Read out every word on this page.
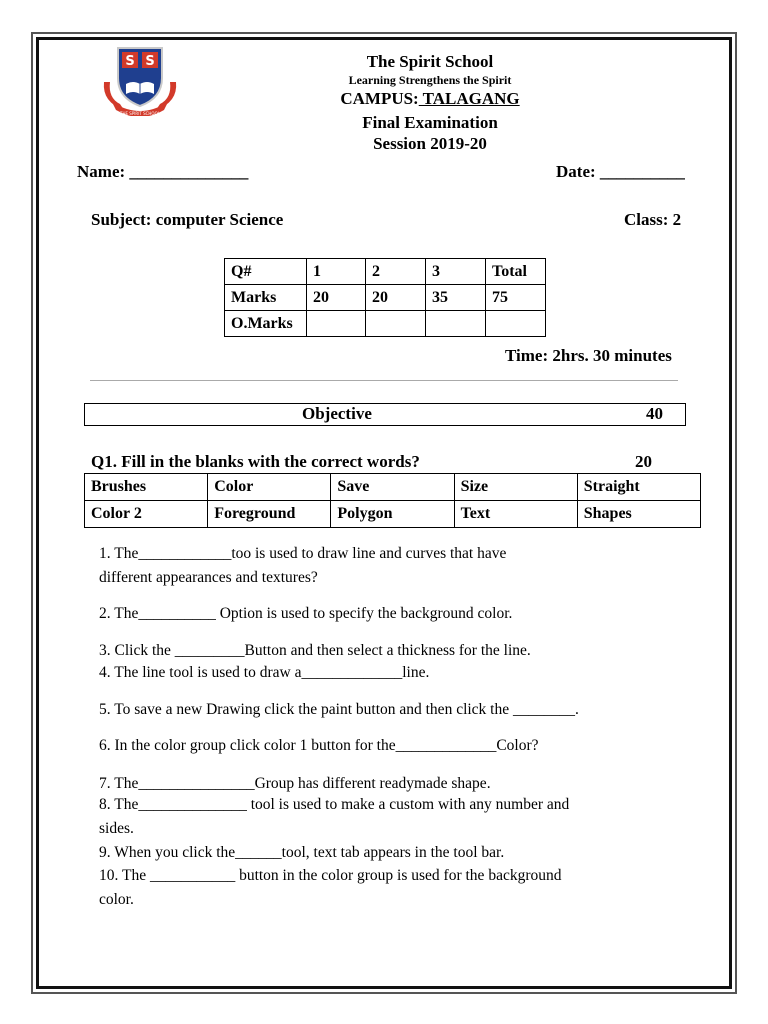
THE SPIRIT SCHOOL
S S	The Spirit School
Learning Strengthens the Spirit
CAMPUS: TALAGANG
Final Examination
Session 2019-20
Name: ______________	Date: __________
Subject: computer Science	Class: 2
Q#	1	2	3	Total
Marks	20	20	35	75
O.Marks				
Time: 2hrs. 30 minutes
Objective	40
Q1. Fill in the blanks with the correct words?	20
Brushes	Color	Save	Size	Straight
Color 2	Foreground	Polygon	Text	Shapes
1. The____________too is used to draw line and curves that have
different appearances and textures?
2. The__________ Option is used to specify the background color.
3. Click the _________Button and then select a thickness for the line.
4. The line tool is used to draw a_____________line.
5. To save a new Drawing click the paint button and then click the ________.
6. In the color group click color 1 button for the_____________Color?
7. The_______________Group has different readymade shape.
8. The______________ tool is used to make a custom with any number and
sides.
9. When you click the______tool, text tab appears in the tool bar.
10. The ___________ button in the color group is used for the background
color.
